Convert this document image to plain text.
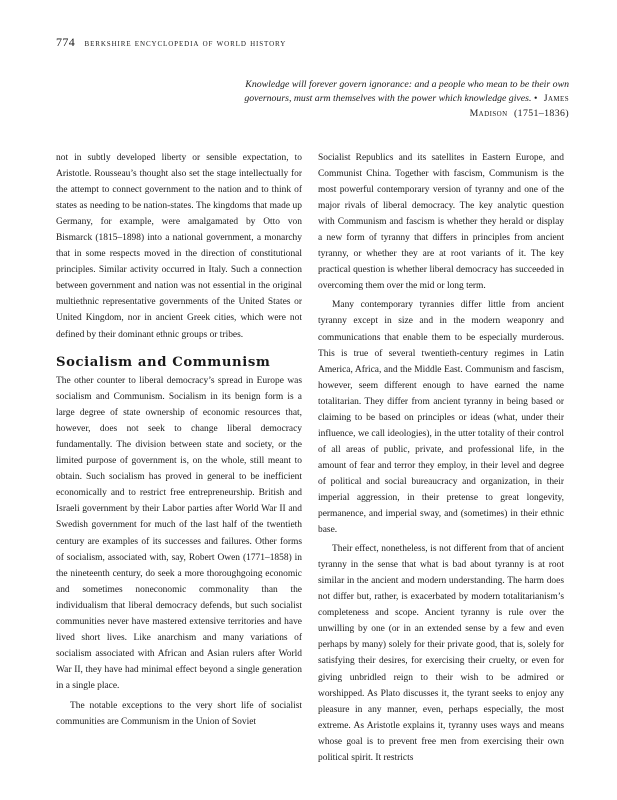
774 berkshire encyclopedia of world history
Knowledge will forever govern ignorance: and a people who mean to be their own governours, must arm themselves with the power which knowledge gives. • James Madison (1751–1836)

not in subtly developed liberty or sensible expectation, to Aristotle. Rousseau’s thought also set the stage intellectually for the attempt to connect government to the nation and to think of states as needing to be nation-states. The kingdoms that made up Germany, for example, were amalgamated by Otto von Bismarck (1815–1898) into a national government, a monarchy that in some respects moved in the direction of constitutional principles. Similar activity occurred in Italy. Such a connection between government and nation was not essential in the original multiethnic representative governments of the United States or United Kingdom, nor in ancient Greek cities, which were not defined by their dominant ethnic groups or tribes.

Socialism and Communism

The other counter to liberal democracy’s spread in Europe was socialism and Communism. Socialism in its benign form is a large degree of state ownership of economic resources that, however, does not seek to change liberal democracy fundamentally. The division between state and society, or the limited purpose of government is, on the whole, still meant to obtain. Such socialism has proved in general to be inefficient economically and to restrict free entrepreneurship. British and Israeli government by their Labor parties after World War II and Swedish government for much of the last half of the twentieth century are examples of its successes and failures. Other forms of socialism, associated with, say, Robert Owen (1771–1858) in the nineteenth century, do seek a more thoroughgoing economic and sometimes noneconomic commonality than the individualism that liberal democracy defends, but such socialist communities never have mastered extensive territories and have lived short lives. Like anarchism and many variations of socialism associated with African and Asian rulers after World War II, they have had minimal effect beyond a single generation in a single place.

The notable exceptions to the very short life of socialist communities are Communism in the Union of Soviet

Socialist Republics and its satellites in Eastern Europe, and Communist China. Together with fascism, Communism is the most powerful contemporary version of tyranny and one of the major rivals of liberal democracy. The key analytic question with Communism and fascism is whether they herald or display a new form of tyranny that differs in principles from ancient tyranny, or whether they are at root variants of it. The key practical question is whether liberal democracy has succeeded in overcoming them over the mid or long term.

Many contemporary tyrannies differ little from ancient tyranny except in size and in the modern weaponry and communications that enable them to be especially murderous. This is true of several twentieth-century regimes in Latin America, Africa, and the Middle East. Communism and fascism, however, seem different enough to have earned the name totalitarian. They differ from ancient tyranny in being based or claiming to be based on principles or ideas (what, under their influence, we call ideologies), in the utter totality of their control of all areas of public, private, and professional life, in the amount of fear and terror they employ, in their level and degree of political and social bureaucracy and organization, in their imperial aggression, in their pretense to great longevity, permanence, and imperial sway, and (sometimes) in their ethnic base.

Their effect, nonetheless, is not different from that of ancient tyranny in the sense that what is bad about tyranny is at root similar in the ancient and modern understanding. The harm does not differ but, rather, is exacerbated by modern totalitarianism’s completeness and scope. Ancient tyranny is rule over the unwilling by one (or in an extended sense by a few and even perhaps by many) solely for their private good, that is, solely for satisfying their desires, for exercising their cruelty, or even for giving unbridled reign to their wish to be admired or worshipped. As Plato discusses it, the tyrant seeks to enjoy any pleasure in any manner, even, perhaps especially, the most extreme. As Aristotle explains it, tyranny uses ways and means whose goal is to prevent free men from exercising their own political spirit. It restricts
